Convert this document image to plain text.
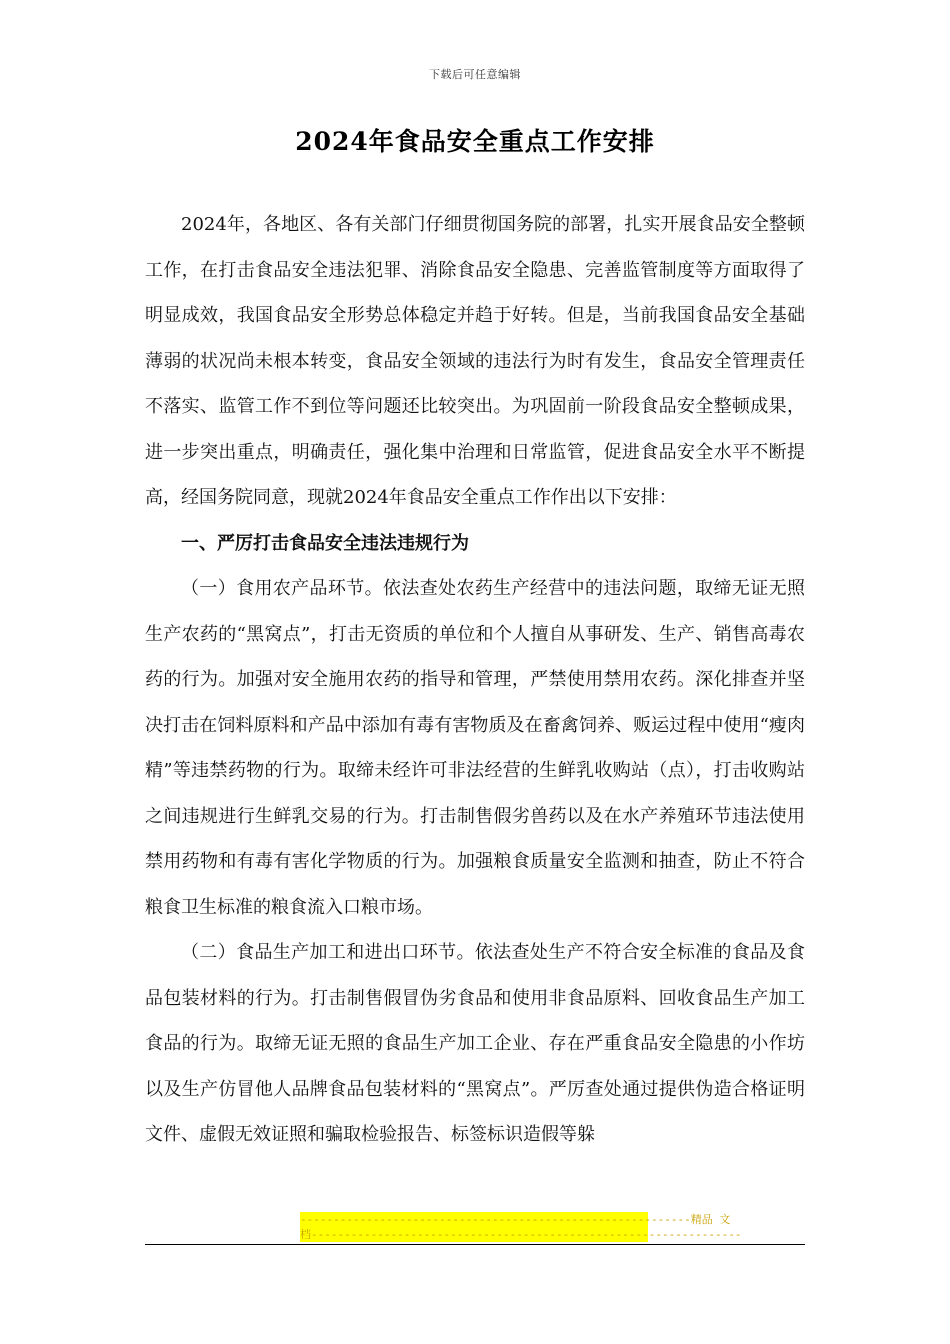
下载后可任意编辑
2024年食品安全重点工作安排

2024年，各地区、各有关部门仔细贯彻国务院的部署，扎实开展食品安全整顿工作，在打击食品安全违法犯罪、消除食品安全隐患、完善监管制度等方面取得了明显成效，我国食品安全形势总体稳定并趋于好转。但是，当前我国食品安全基础薄弱的状况尚未根本转变，食品安全领域的违法行为时有发生，食品安全管理责任不落实、监管工作不到位等问题还比较突出。为巩固前一阶段食品安全整顿成果，进一步突出重点，明确责任，强化集中治理和日常监管，促进食品安全水平不断提高，经国务院同意，现就2024年食品安全重点工作作出以下安排：

一、严厉打击食品安全违法违规行为

（一）食用农产品环节。依法查处农药生产经营中的违法问题，取缔无证无照生产农药的“黑窝点”，打击无资质的单位和个人擅自从事研发、生产、销售高毒农药的行为。加强对安全施用农药的指导和管理，严禁使用禁用农药。深化排查并坚决打击在饲料原料和产品中添加有毒有害物质及在畜禽饲养、贩运过程中使用“瘦肉精”等违禁药物的行为。取缔未经许可非法经营的生鲜乳收购站（点），打击收购站之间违规进行生鲜乳交易的行为。打击制售假劣兽药以及在水产养殖环节违法使用禁用药物和有毒有害化学物质的行为。加强粮食质量安全监测和抽查，防止不符合粮食卫生标准的粮食流入口粮市场。

（二）食品生产加工和进出口环节。依法查处生产不符合安全标准的食品及食品包装材料的行为。打击制售假冒伪劣食品和使用非食品原料、回收食品生产加工食品的行为。取缔无证无照的食品生产加工企业、存在严重食品安全隐患的小作坊以及生产仿冒他人品牌食品包装材料的“黑窝点”。严厉查处通过提供伪造合格证明文件、虚假无效证照和骗取检验报告、标签标识造假等躲

-----------------------------------------------------------精品 文
档-----------------------------------------------------------------
